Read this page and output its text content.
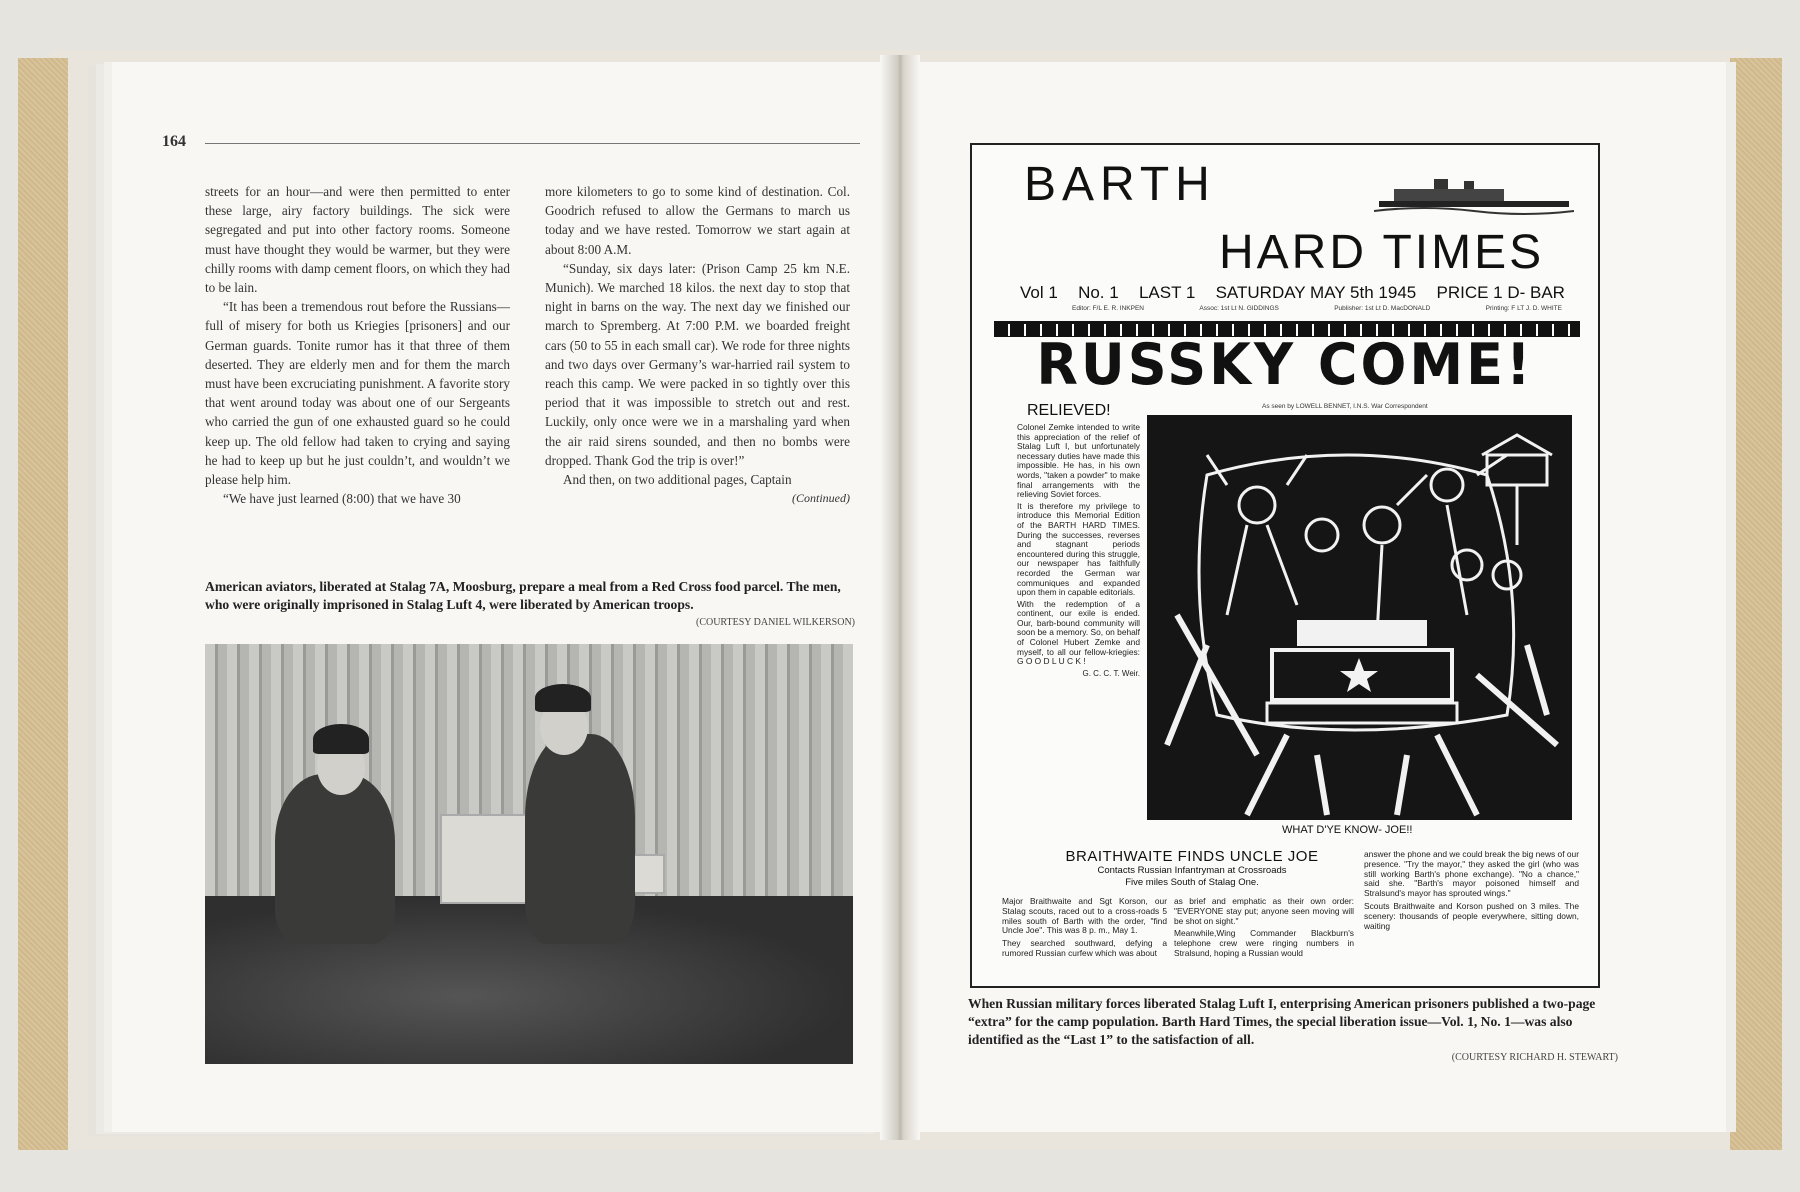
164

streets for an hour—and were then permitted to enter these large, airy factory buildings. The sick were segregated and put into other factory rooms. Someone must have thought they would be warmer, but they were chilly rooms with damp cement floors, on which they had to be lain.

“It has been a tremendous rout before the Russians—full of misery for both us Kriegies [prisoners] and our German guards. Tonite rumor has it that three of them deserted. They are elderly men and for them the march must have been excruciating punishment. A favorite story that went around today was about one of our Sergeants who carried the gun of one exhausted guard so he could keep up. The old fellow had taken to crying and saying he had to keep up but he just couldn’t, and wouldn’t we please help him.

“We have just learned (8:00) that we have 30

more kilometers to go to some kind of destination. Col. Goodrich refused to allow the Germans to march us today and we have rested. Tomorrow we start again at about 8:00 A.M.

“Sunday, six days later: (Prison Camp 25 km N.E. Munich). We marched 18 kilos. the next day to stop that night in barns on the way. The next day we finished our march to Spremberg. At 7:00 P.M. we boarded freight cars (50 to 55 in each small car). We rode for three nights and two days over Germany’s war-harried rail system to reach this camp. We were packed in so tightly over this period that it was impossible to stretch out and rest. Luckily, only once were we in a marshaling yard when the air raid sirens sounded, and then no bombs were dropped. Thank God the trip is over!”

And then, on two additional pages, Captain

(Continued)

American aviators, liberated at Stalag 7A, Moosburg, prepare a meal from a Red Cross food parcel. The men, who were originally imprisoned in Stalag Luft 4, were liberated by American troops.
(COURTESY DANIEL WILKERSON)
BARTH
HARD TIMES
Vol 1 No. 1 LAST 1 SATURDAY MAY 5th 1945 PRICE 1 D- BAR
Editor: F/L E. R. INKPEN	Assoc: 1st Lt N. GIDDINGS	Publisher: 1st Lt D. MacDONALD	Printing: F LT J. D. WHITE
RUSSKY COME!
RELIEVED!	As seen by LOWELL BENNET, I.N.S. War Correspondent

Colonel Zemke intended to write this appreciation of the relief of Stalag Luft I, but unfortunately necessary duties have made this impossible. He has, in his own words, "taken a powder" to make final arrangements with the relieving Soviet forces.

It is therefore my privilege to introduce this Memorial Edition of the BARTH HARD TIMES. During the successes, reverses and stagnant periods encountered during this struggle, our newspaper has faithfully recorded the German war communiques and expanded upon them in capable editorials.

With the redemption of a continent, our exile is ended. Our, barb-bound community will soon be a memory. So, on behalf of Colonel Hubert Zemke and myself, to all our fellow-kriegies: G O O D L U C K !

G. C. C. T. Weir.

WHAT D'YE KNOW- JOE!!
BRAITHWAITE FINDS UNCLE JOE
Contacts Russian Infantryman at Crossroads
Five miles South of Stalag One.

Major Braithwaite and Sgt Korson, our Stalag scouts, raced out to a cross-roads 5 miles south of Barth with the order, "find Uncle Joe". This was 8 p. m., May 1.

They searched southward, defying a rumored Russian curfew which was about

as brief and emphatic as their own order: "EVERYONE stay put; anyone seen moving will be shot on sight."

Meanwhile,Wing Commander Blackburn's telephone crew were ringing numbers in Stralsund, hoping a Russian would

answer the phone and we could break the big news of our presence. "Try the mayor," they asked the girl (who was still working Barth's phone exchange). "No a chance," said she. "Barth's mayor poisoned himself and Stralsund's mayor has sprouted wings."

Scouts Braithwaite and Korson pushed on 3 miles. The scenery: thousands of people everywhere, sitting down, waiting

When Russian military forces liberated Stalag Luft I, enterprising American prisoners published a two-page “extra” for the camp population. Barth Hard Times, the special liberation issue—Vol. 1, No. 1—was also identified as the “Last 1” to the satisfaction of all.
(COURTESY RICHARD H. STEWART)
